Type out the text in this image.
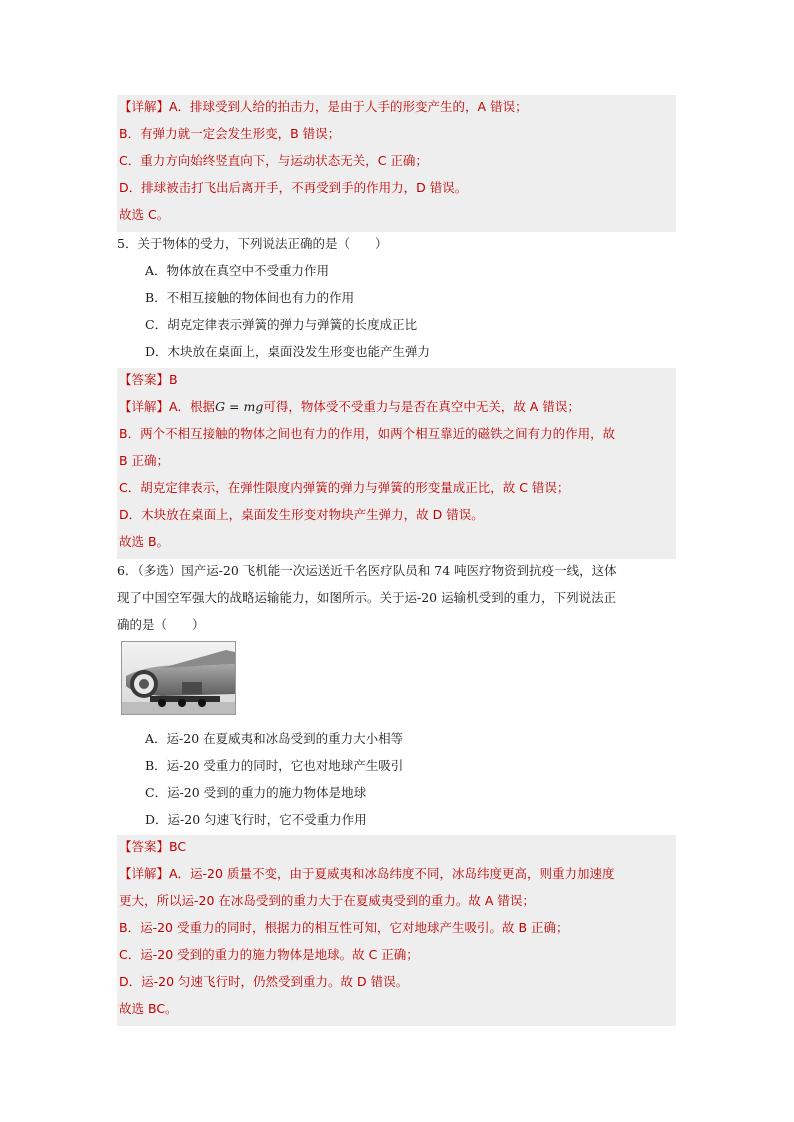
【详解】A．排球受到人给的拍击力，是由于人手的形变产生的，A 错误；
B．有弹力就一定会发生形变，B 错误；
C．重力方向始终竖直向下，与运动状态无关，C 正确；
D．排球被击打飞出后离开手，不再受到手的作用力，D 错误。
故选 C。
5．关于物体的受力，下列说法正确的是（　　）
A．物体放在真空中不受重力作用
B．不相互接触的物体间也有力的作用
C．胡克定律表示弹簧的弹力与弹簧的长度成正比
D．木块放在桌面上，桌面没发生形变也能产生弹力
【答案】B
【详解】A．根据G = mg可得，物体受不受重力与是否在真空中无关，故 A 错误；
B．两个不相互接触的物体之间也有力的作用，如两个相互靠近的磁铁之间有力的作用，故
B 正确；
C．胡克定律表示，在弹性限度内弹簧的弹力与弹簧的形变量成正比，故 C 错误；
D．木块放在桌面上，桌面发生形变对物块产生弹力，故 D 错误。
故选 B。
6．（多选）国产运-20 飞机能一次运送近千名医疗队员和 74 吨医疗物资到抗疫一线，这体
现了中国空军强大的战略运输能力，如图所示。关于运-20 运输机受到的重力，下列说法正
确的是（　　）
A．运-20 在夏威夷和冰岛受到的重力大小相等
B．运-20 受重力的同时，它也对地球产生吸引
C．运-20 受到的重力的施力物体是地球
D．运-20 匀速飞行时，它不受重力作用
【答案】BC
【详解】A．运-20 质量不变，由于夏威夷和冰岛纬度不同，冰岛纬度更高，则重力加速度
更大，所以运-20 在冰岛受到的重力大于在夏威夷受到的重力。故 A 错误；
B．运-20 受重力的同时，根据力的相互性可知，它对地球产生吸引。故 B 正确；
C．运-20 受到的重力的施力物体是地球。故 C 正确；
D．运-20 匀速飞行时，仍然受到重力。故 D 错误。
故选 BC。
